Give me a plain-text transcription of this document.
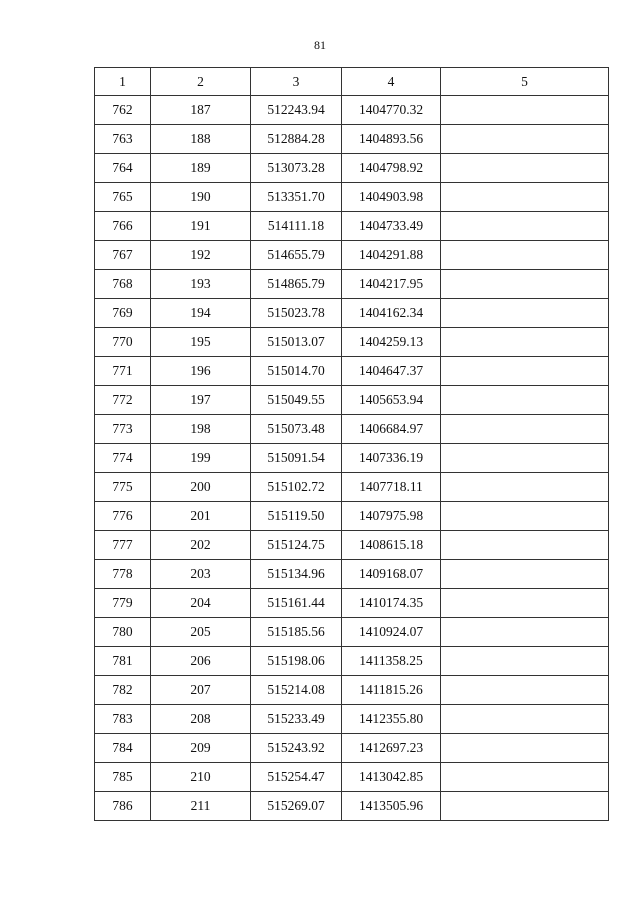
81
1	2	3	4	5
762	187	512243.94	1404770.32	
763	188	512884.28	1404893.56	
764	189	513073.28	1404798.92	
765	190	513351.70	1404903.98	
766	191	514111.18	1404733.49	
767	192	514655.79	1404291.88	
768	193	514865.79	1404217.95	
769	194	515023.78	1404162.34	
770	195	515013.07	1404259.13	
771	196	515014.70	1404647.37	
772	197	515049.55	1405653.94	
773	198	515073.48	1406684.97	
774	199	515091.54	1407336.19	
775	200	515102.72	1407718.11	
776	201	515119.50	1407975.98	
777	202	515124.75	1408615.18	
778	203	515134.96	1409168.07	
779	204	515161.44	1410174.35	
780	205	515185.56	1410924.07	
781	206	515198.06	1411358.25	
782	207	515214.08	1411815.26	
783	208	515233.49	1412355.80	
784	209	515243.92	1412697.23	
785	210	515254.47	1413042.85	
786	211	515269.07	1413505.96	
